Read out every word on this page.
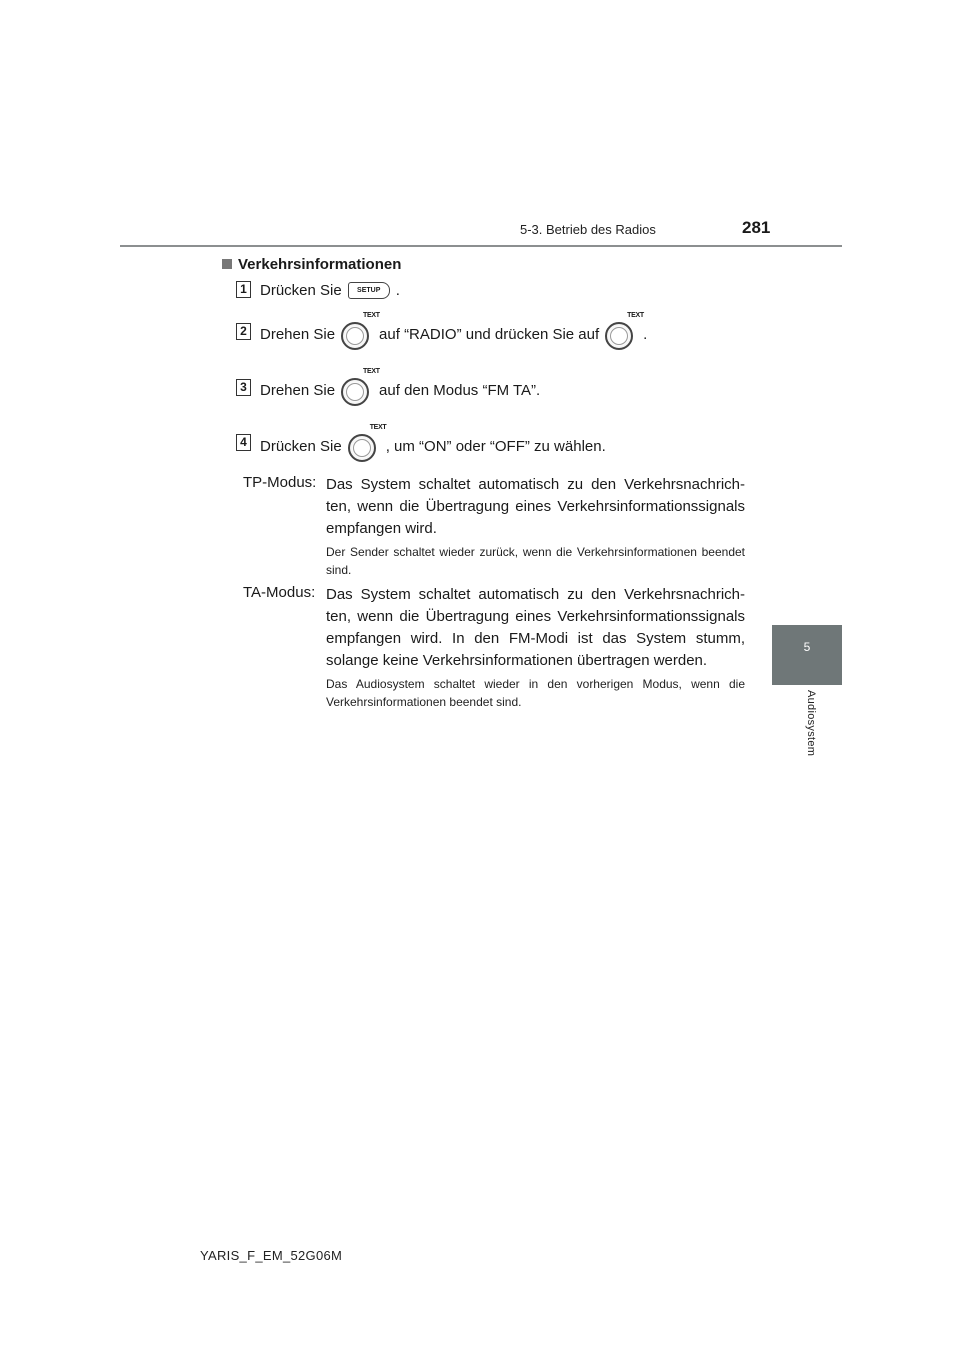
5-3. Betrieb des Radios	281
5
Audiosystem
Verkehrsinformationen
1 Drücken Sie	SETUP	.
2 Drehen Sie
TEXT
auf “RADIO” und drücken Sie auf
TEXT
.
3 Drehen Sie
TEXT
auf den Modus “FM TA”.
4 Drücken Sie
TEXT
, um “ON” oder “OFF” zu wählen.
TP-Modus: Das System schaltet automatisch zu den Verkehrsnachrich-ten, wenn die Übertragung eines Verkehrsinformationssignals empfangen wird.
Der Sender schaltet wieder zurück, wenn die Verkehrsinformationen beendet sind.
TA-Modus: Das System schaltet automatisch zu den Verkehrsnachrich-ten, wenn die Übertragung eines Verkehrsinformationssignals empfangen wird. In den FM-Modi ist das System stumm, solange keine Verkehrsinformationen übertragen werden.
Das Audiosystem schaltet wieder in den vorherigen Modus, wenn die Verkehrsinformationen beendet sind.
YARIS_F_EM_52G06M
